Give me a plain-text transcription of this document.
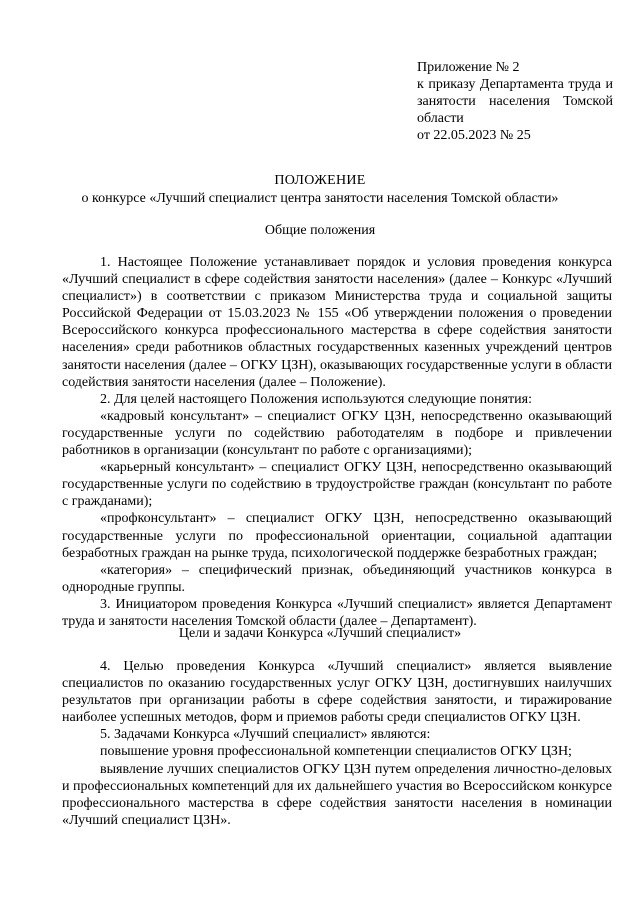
Приложение № 2
к приказу Департамента труда и
занятости населения Томской
области
от 22.05.2023 № 25
ПОЛОЖЕНИЕ
о конкурсе «Лучший специалист центра занятости населения Томской области»
Общие положения

1. Настоящее Положение устанавливает порядок и условия проведения конкурса «Лучший специалист в сфере содействия занятости населения» (далее – Конкурс «Лучший специалист») в соответствии с приказом Министерства труда и социальной защиты Российской Федерации от 15.03.2023 № 155 «Об утверждении положения о проведении Всероссийского конкурса профессионального мастерства в сфере содействия занятости населения» среди работников областных государственных казенных учреждений центров занятости населения (далее – ОГКУ ЦЗН), оказывающих государственные услуги в области содействия занятости населения (далее – Положение).

2. Для целей настоящего Положения используются следующие понятия:

«кадровый консультант» – специалист ОГКУ ЦЗН, непосредственно оказывающий государственные услуги по содействию работодателям в подборе и привлечении работников в организации (консультант по работе с организациями);

«карьерный консультант» – специалист ОГКУ ЦЗН, непосредственно оказывающий государственные услуги по содействию в трудоустройстве граждан (консультант по работе с гражданами);

«профконсультант» – специалист ОГКУ ЦЗН, непосредственно оказывающий государственные услуги по профессиональной ориентации, социальной адаптации безработных граждан на рынке труда, психологической поддержке безработных граждан;

«категория» – специфический признак, объединяющий участников конкурса в однородные группы.

3. Инициатором проведения Конкурса «Лучший специалист» является Департамент труда и занятости населения Томской области (далее – Департамент).

Цели и задачи Конкурса «Лучший специалист»

4. Целью проведения Конкурса «Лучший специалист» является выявление специалистов по оказанию государственных услуг ОГКУ ЦЗН, достигнувших наилучших результатов при организации работы в сфере содействия занятости, и тиражирование наиболее успешных методов, форм и приемов работы среди специалистов ОГКУ ЦЗН.

5. Задачами Конкурса «Лучший специалист» являются:

повышение уровня профессиональной компетенции специалистов ОГКУ ЦЗН;

выявление лучших специалистов ОГКУ ЦЗН путем определения личностно-деловых и профессиональных компетенций для их дальнейшего участия во Всероссийском конкурсе профессионального мастерства в сфере содействия занятости населения в номинации «Лучший специалист ЦЗН».
